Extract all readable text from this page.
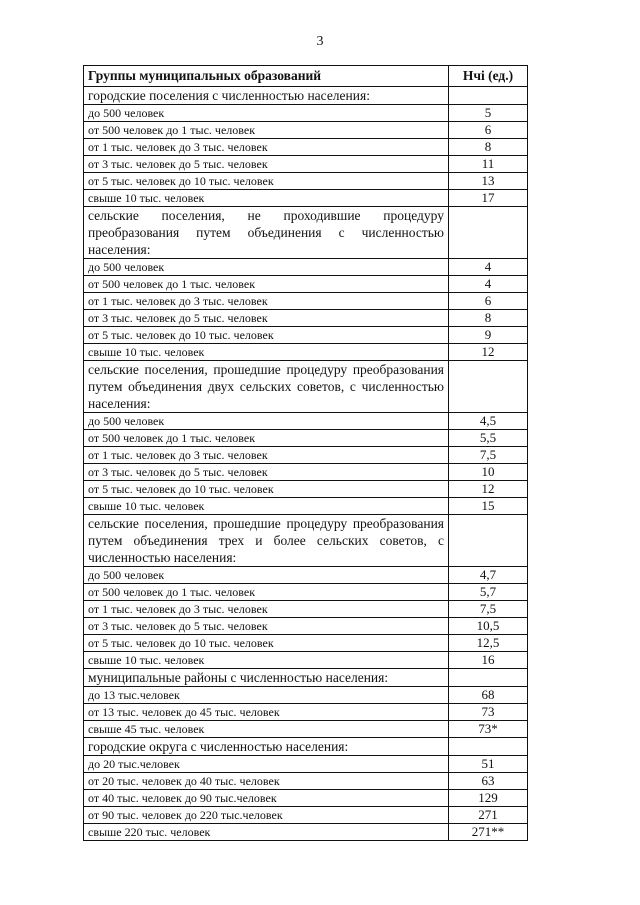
3
Группы муниципальных образований	Нчi (ед.)
городские поселения с численностью населения:	
до 500 человек	5
от 500 человек до 1 тыс. человек	6
от 1 тыс. человек до 3 тыс. человек	8
от 3 тыс. человек до 5 тыс. человек	11
от 5 тыс. человек до 10 тыс. человек	13
свыше 10 тыс. человек	17
сельские поселения, не проходившие процедуру преобразования путем объединения с численностью населения:	
до 500 человек	4
от 500 человек до 1 тыс. человек	4
от 1 тыс. человек до 3 тыс. человек	6
от 3 тыс. человек до 5 тыс. человек	8
от 5 тыс. человек до 10 тыс. человек	9
свыше 10 тыс. человек	12
сельские поселения, прошедшие процедуру преобразования путем объединения двух сельских советов, с численностью населения:	
до 500 человек	4,5
от 500 человек до 1 тыс. человек	5,5
от 1 тыс. человек до 3 тыс. человек	7,5
от 3 тыс. человек до 5 тыс. человек	10
от 5 тыс. человек до 10 тыс. человек	12
свыше 10 тыс. человек	15
сельские поселения, прошедшие процедуру преобразования путем объединения трех и более сельских советов, с численностью населения:	
до 500 человек	4,7
от 500 человек до 1 тыс. человек	5,7
от 1 тыс. человек до 3 тыс. человек	7,5
от 3 тыс. человек до 5 тыс. человек	10,5
от 5 тыс. человек до 10 тыс. человек	12,5
свыше 10 тыс. человек	16
муниципальные районы с численностью населения:	
до 13 тыс.человек	68
от 13 тыс. человек до 45 тыс. человек	73
свыше 45 тыс. человек	73*
городские округа с численностью населения:	
до 20 тыс.человек	51
от 20 тыс. человек до 40 тыс. человек	63
от 40 тыс. человек до 90 тыс.человек	129
от 90 тыс. человек до 220 тыс.человек	271
свыше 220 тыс. человек	271**
